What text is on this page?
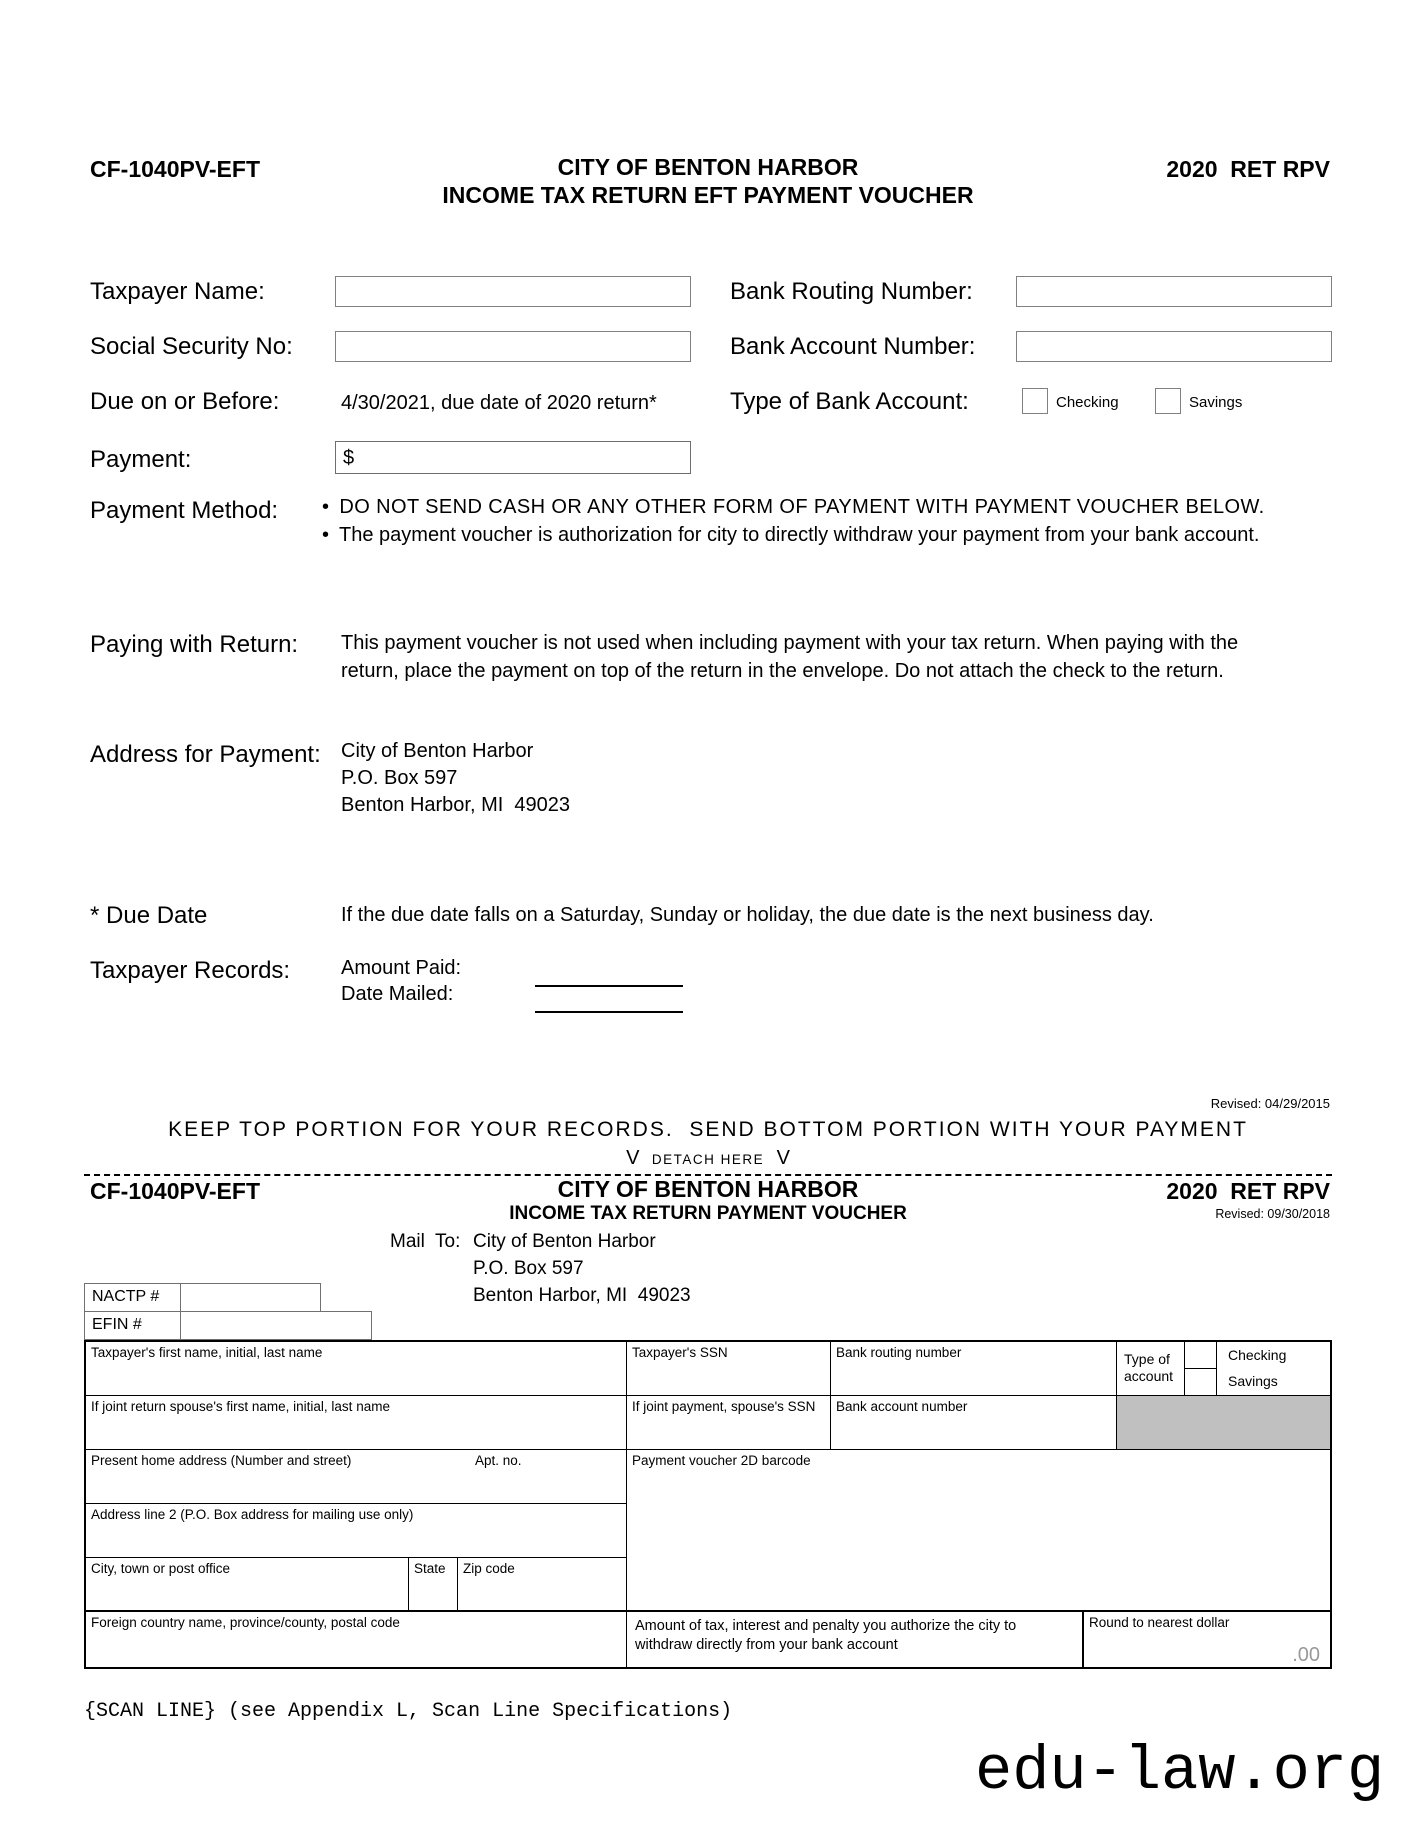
CF-1040PV-EFT	CITY OF BENTON HARBOR
INCOME TAX RETURN EFT PAYMENT VOUCHER
2020  RET RPV
Taxpayer Name:	Bank Routing Number:
Social Security No:	Bank Account Number:
Due on or Before:	4/30/2021, due date of 2020 return*	Type of Bank Account:	Checking	Savings
Payment:	$
Payment Method:	• DO NOT SEND CASH OR ANY OTHER FORM OF PAYMENT WITH PAYMENT VOUCHER BELOW.
• The payment voucher is authorization for city to directly withdraw your payment from your bank account.
Paying with Return: This payment voucher is not used when including payment with your tax return. When paying with the return, place the payment on top of the return in the envelope. Do not attach the check to the return.
Address for Payment: City of Benton Harbor
P.O. Box 597
Benton Harbor, MI  49023
* Due Date	If the due date falls on a Saturday, Sunday or holiday, the due date is the next business day.
Taxpayer Records:	Amount Paid:
Date Mailed:
Revised: 04/29/2015
KEEP TOP PORTION FOR YOUR RECORDS.  SEND BOTTOM PORTION WITH YOUR PAYMENT
V DETACH HERE V
CF-1040PV-EFT	CITY OF BENTON HARBOR	2020  RET RPV
INCOME TAX RETURN PAYMENT VOUCHER	Revised: 09/30/2018
Mail  To: City of Benton Harbor
P.O. Box 597
Benton Harbor, MI  49023
NACTP #
EFIN #
Taxpayer's first name, initial, last name	Taxpayer's SSN	Bank routing number	Type of account
Checking
Savings
If joint return spouse's first name, initial, last name	If joint payment, spouse's SSN	Bank account number
Present home address (Number and street)	Apt. no.	Payment voucher 2D barcode
Address line 2 (P.O. Box address for mailing use only)
City, town or post office	State	Zip code
Foreign country name, province/county, postal code	Amount of tax, interest and penalty you authorize the city to withdraw directly from your bank account
Round to nearest dollar
.00
{SCAN LINE} (see Appendix L, Scan Line Specifications)
edu-law.org
